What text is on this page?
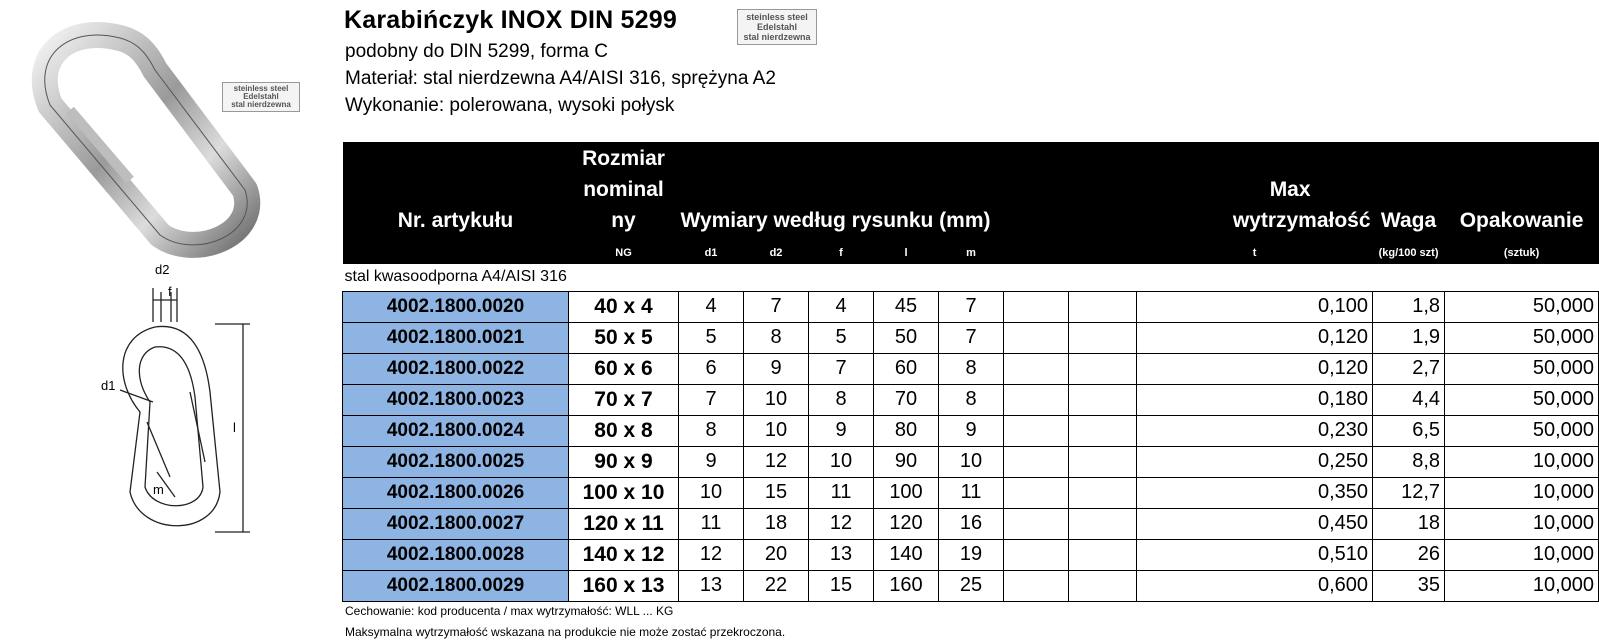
steinless steel
Edelstahl
stal nierdzewna
d2
f
d1
l
m
Karabińczyk INOX DIN 5299	steinless steel
Edelstahl
stal nierdzewna
podobny do DIN 5299, forma C
Materiał: stal nierdzewna A4/AISI 316, sprężyna A2
Wykonanie: polerowana, wysoki połysk
Nr. artykułu	Rozmiar
nominal
ny	Wymiary według rysunku (mm)							Max
wytrzymałość	Waga	Opakowanie
	NG	d1	d2	f	l	m			t	(kg/100 szt)	(sztuk)
stal kwasoodporna A4/AISI 316											
4002.1800.0020	40 x 4	4	7	4	45	7			0,100	1,8	50,000
4002.1800.0021	50 x 5	5	8	5	50	7			0,120	1,9	50,000
4002.1800.0022	60 x 6	6	9	7	60	8			0,120	2,7	50,000
4002.1800.0023	70 x 7	7	10	8	70	8			0,180	4,4	50,000
4002.1800.0024	80 x 8	8	10	9	80	9			0,230	6,5	50,000
4002.1800.0025	90 x 9	9	12	10	90	10			0,250	8,8	10,000
4002.1800.0026	100 x 10	10	15	11	100	11			0,350	12,7	10,000
4002.1800.0027	120 x 11	11	18	12	120	16			0,450	18	10,000
4002.1800.0028	140 x 12	12	20	13	140	19			0,510	26	10,000
4002.1800.0029	160 x 13	13	22	15	160	25			0,600	35	10,000
Cechowanie: kod producenta / max wytrzymałość: WLL ... KG
Maksymalna wytrzymałość wskazana na produkcie nie może zostać przekroczona.
